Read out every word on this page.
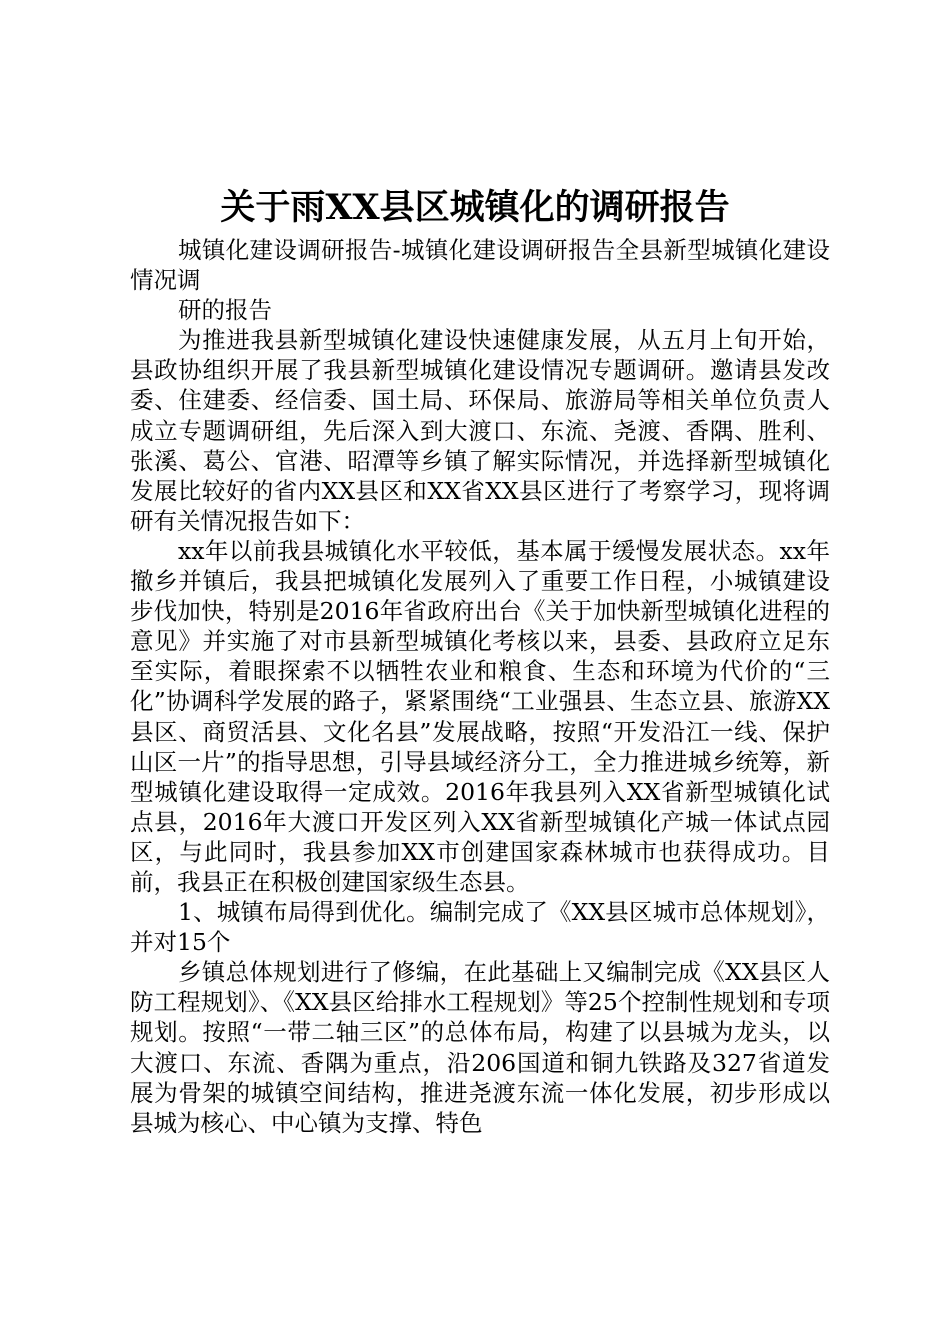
关于雨XX县区城镇化的调研报告

城镇化建设调研报告-城镇化建设调研报告全县新型城镇化建设情况调

研的报告

为推进我县新型城镇化建设快速健康发展，从五月上旬开始，县政协组织开展了我县新型城镇化建设情况专题调研。邀请县发改委、住建委、经信委、国土局、环保局、旅游局等相关单位负责人成立专题调研组，先后深入到大渡口、东流、尧渡、香隅、胜利、张溪、葛公、官港、昭潭等乡镇了解实际情况，并选择新型城镇化发展比较好的省内XX县区和XX省XX县区进行了考察学习，现将调研有关情况报告如下：

xx年以前我县城镇化水平较低，基本属于缓慢发展状态。xx年撤乡并镇后，我县把城镇化发展列入了重要工作日程，小城镇建设步伐加快，特别是2016年省政府出台《关于加快新型城镇化进程的意见》并实施了对市县新型城镇化考核以来，县委、县政府立足东至实际，着眼探索不以牺牲农业和粮食、生态和环境为代价的“三化”协调科学发展的路子，紧紧围绕“工业强县、生态立县、旅游XX县区、商贸活县、文化名县”发展战略，按照“开发沿江一线、保护山区一片”的指导思想，引导县域经济分工，全力推进城乡统筹，新型城镇化建设取得一定成效。2016年我县列入XX省新型城镇化试点县，2016年大渡口开发区列入XX省新型城镇化产城一体试点园区，与此同时，我县参加XX市创建国家森林城市也获得成功。目前，我县正在积极创建国家级生态县。

1、城镇布局得到优化。编制完成了《XX县区城市总体规划》，并对15个

乡镇总体规划进行了修编，在此基础上又编制完成《XX县区人防工程规划》、《XX县区给排水工程规划》等25个控制性规划和专项规划。按照“一带二轴三区”的总体布局，构建了以县城为龙头，以大渡口、东流、香隅为重点，沿206国道和铜九铁路及327省道发展为骨架的城镇空间结构，推进尧渡东流一体化发展，初步形成以县城为核心、中心镇为支撑、特色
